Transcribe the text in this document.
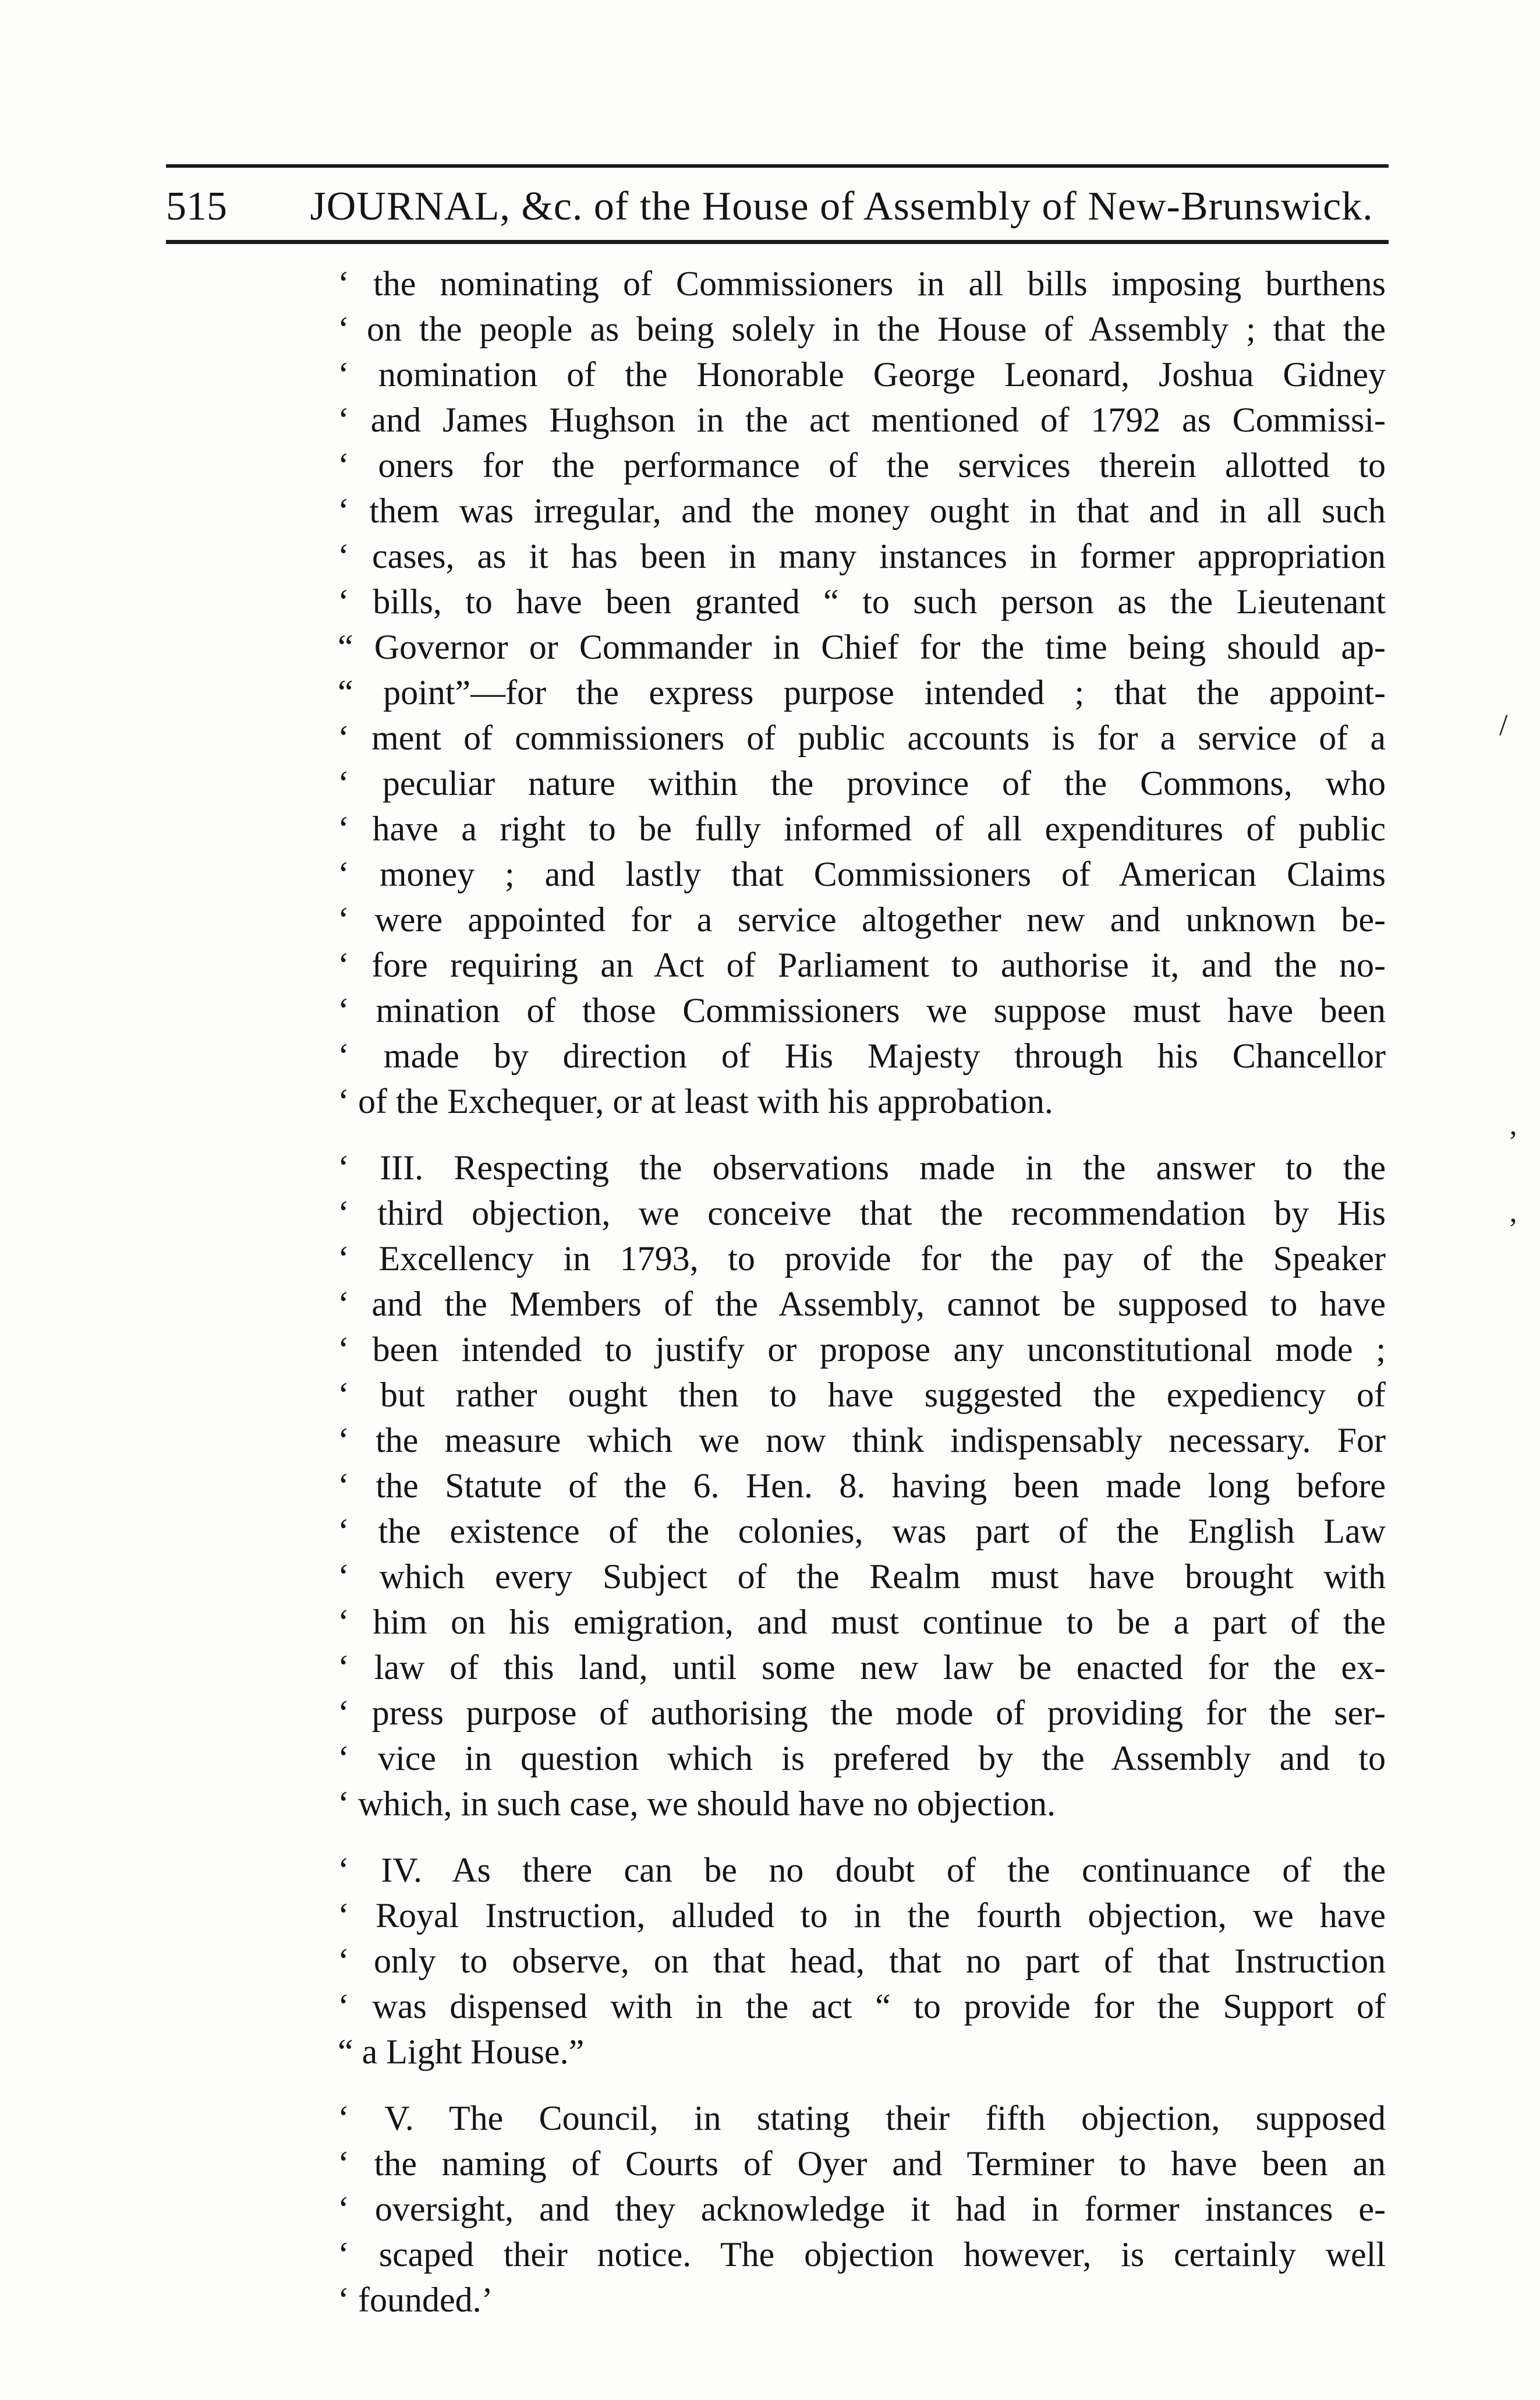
515 JOURNAL, &c. of the House of Assembly of New-Brunswick.
‘ the nominating of Commissioners in all bills imposing burthens
‘ on the people as being solely in the House of Assembly ; that the
‘ nomination of the Honorable George Leonard, Joshua Gidney
‘ and James Hughson in the act mentioned of 1792 as Commissi-
‘ oners for the performance of the services therein allotted to
‘ them was irregular, and the money ought in that and in all such
‘ cases, as it has been in many instances in former appropriation
‘ bills, to have been granted “ to such person as the Lieutenant
“ Governor or Commander in Chief for the time being should ap-
“ point”—for the express purpose intended ; that the appoint-
‘ ment of commissioners of public accounts is for a service of a
‘ peculiar nature within the province of the Commons, who
‘ have a right to be fully informed of all expenditures of public
‘ money ; and lastly that Commissioners of American Claims
‘ were appointed for a service altogether new and unknown be-
‘ fore requiring an Act of Parliament to authorise it, and the no-
‘ mination of those Commissioners we suppose must have been
‘ made by direction of His Majesty through his Chancellor
‘ of the Exchequer, or at least with his approbation.
‘ III. Respecting the observations made in the answer to the
‘ third objection, we conceive that the recommendation by His
‘ Excellency in 1793, to provide for the pay of the Speaker
‘ and the Members of the Assembly, cannot be supposed to have
‘ been intended to justify or propose any unconstitutional mode ;
‘ but rather ought then to have suggested the expediency of
‘ the measure which we now think indispensably necessary. For
‘ the Statute of the 6. Hen. 8. having been made long before
‘ the existence of the colonies, was part of the English Law
‘ which every Subject of the Realm must have brought with
‘ him on his emigration, and must continue to be a part of the
‘ law of this land, until some new law be enacted for the ex-
‘ press purpose of authorising the mode of providing for the ser-
‘ vice in question which is prefered by the Assembly and to
‘ which, in such case, we should have no objection.
‘ IV. As there can be no doubt of the continuance of the
‘ Royal Instruction, alluded to in the fourth objection, we have
‘ only to observe, on that head, that no part of that Instruction
‘ was dispensed with in the act “ to provide for the Support of
“ a Light House.”
‘ V. The Council, in stating their fifth objection, supposed
‘ the naming of Courts of Oyer and Terminer to have been an
‘ oversight, and they acknowledge it had in former instances e-
‘ scaped their notice. The objection however, is certainly well
‘ founded.’
/
’
’
